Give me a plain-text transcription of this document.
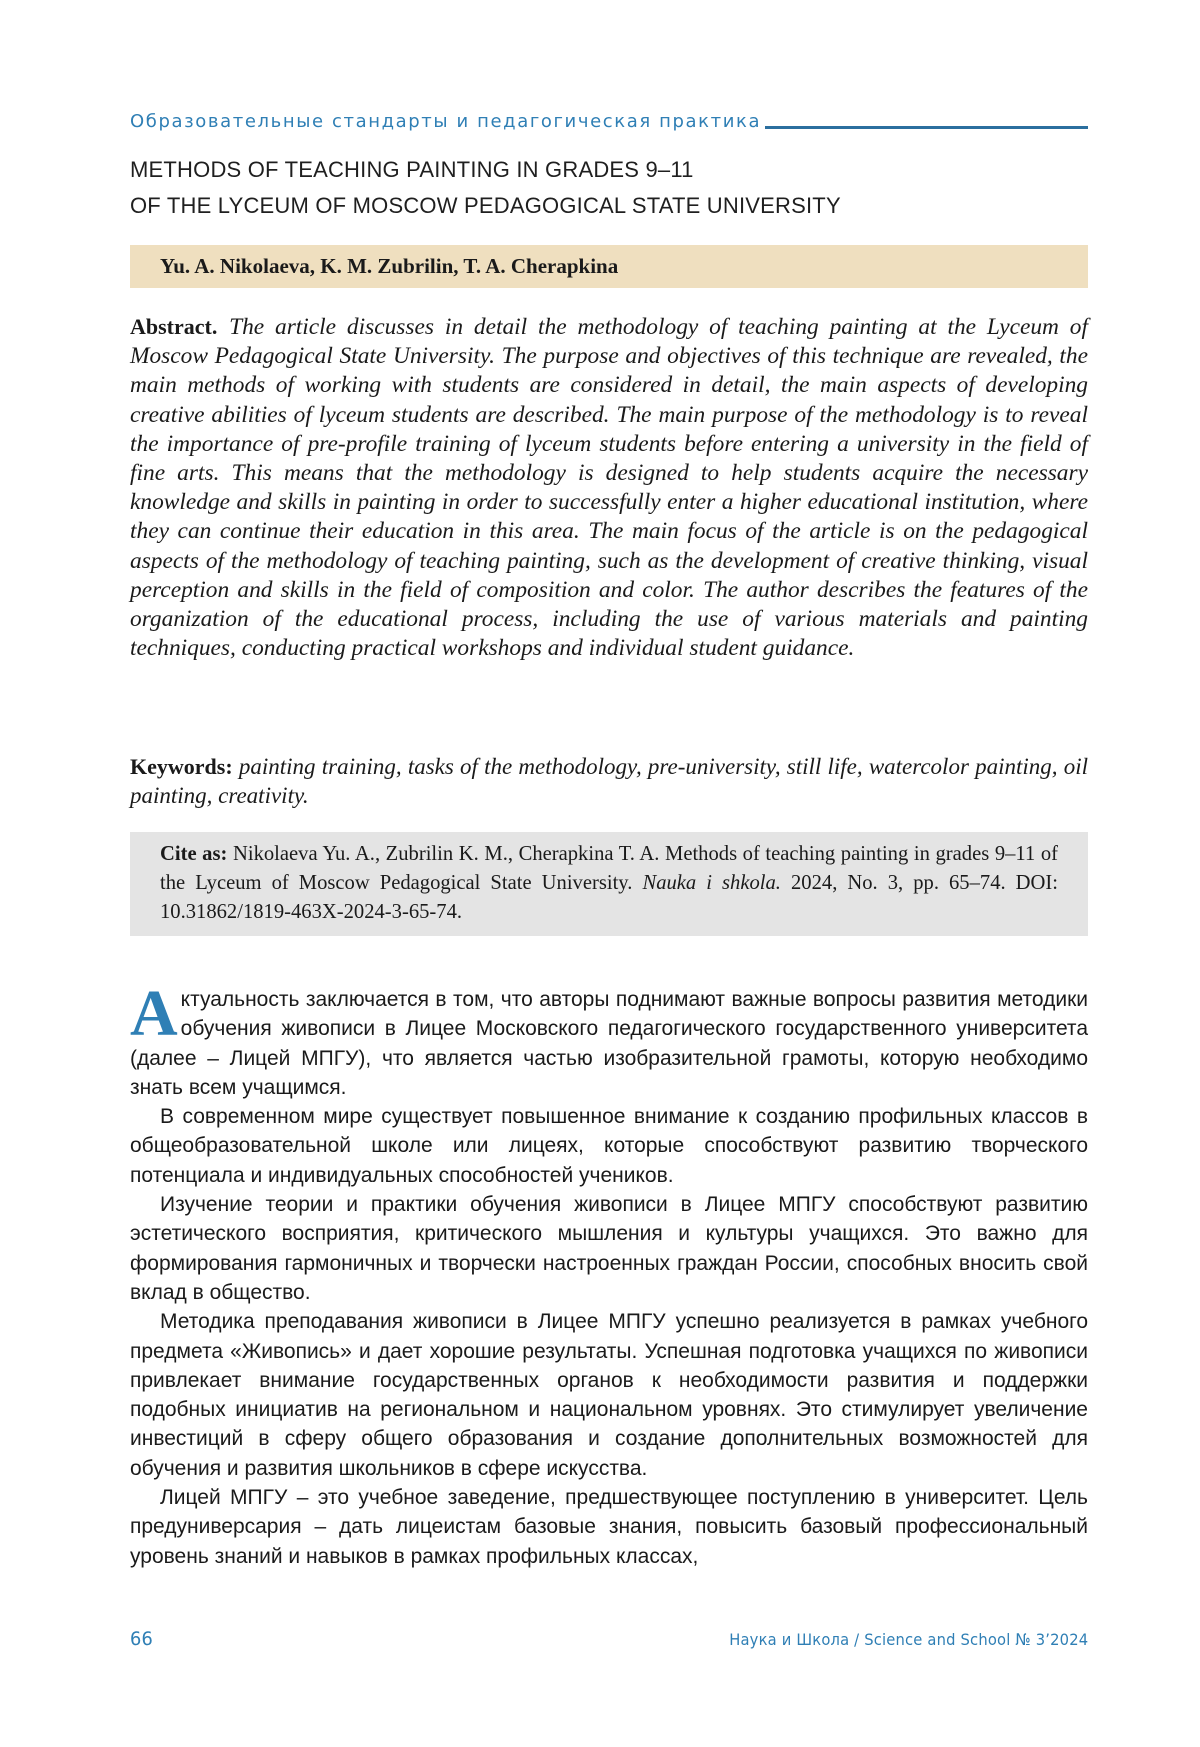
Образовательные стандарты и педагогическая практика
METHODS OF TEACHING PAINTING IN GRADES 9–11
OF THE LYCEUM OF MOSCOW PEDAGOGICAL STATE UNIVERSITY
Yu. A. Nikolaeva, K. M. Zubrilin, T. A. Cherapkina
Abstract. The article discusses in detail the methodology of teaching painting at the Lyceum of Moscow Pedagogical State University. The purpose and objectives of this technique are revealed, the main methods of working with students are considered in detail, the main aspects of developing creative abilities of lyceum students are described. The main purpose of the methodology is to reveal the importance of pre-profile training of lyceum students before entering a university in the field of fine arts. This means that the methodology is designed to help students acquire the necessary knowledge and skills in painting in order to successfully enter a higher educational institution, where they can continue their education in this area. The main focus of the article is on the pedagogical aspects of the methodology of teaching painting, such as the development of creative thinking, visual perception and skills in the field of composition and color. The author describes the features of the organization of the educational process, including the use of various materials and painting techniques, conducting practical workshops and individual student guidance.
Keywords: painting training, tasks of the methodology, pre-university, still life, watercolor painting, oil painting, creativity.
Cite as: Nikolaeva Yu. A., Zubrilin K. M., Cherapkina T. A. Methods of teaching painting in grades 9–11 of the Lyceum of Moscow Pedagogical State University. Nauka i shkola. 2024, No. 3, pp. 65–74. DOI: 10.31862/1819-463X-2024-3-65-74.

Актуальность заключается в том, что авторы поднимают важные вопросы развития методики обучения живописи в Лицее Московского педагогического государственного университета (далее – Лицей МПГУ), что является частью изобразительной грамоты, которую необходимо знать всем учащимся.

В современном мире существует повышенное внимание к созданию профильных классов в общеобразовательной школе или лицеях, которые способствуют развитию творческого потенциала и индивидуальных способностей учеников.

Изучение теории и практики обучения живописи в Лицее МПГУ способствуют развитию эстетического восприятия, критического мышления и культуры учащихся. Это важно для формирования гармоничных и творчески настроенных граждан России, способных вносить свой вклад в общество.

Методика преподавания живописи в Лицее МПГУ успешно реализуется в рамках учебного предмета «Живопись» и дает хорошие результаты. Успешная подготовка учащихся по живописи привлекает внимание государственных органов к необходимости развития и поддержки подобных инициатив на региональном и национальном уровнях. Это стимулирует увеличение инвестиций в сферу общего образования и создание дополнительных возможностей для обучения и развития школьников в сфере искусства.

Лицей МПГУ – это учебное заведение, предшествующее поступлению в университет. Цель предуниверсария – дать лицеистам базовые знания, повысить базовый профессиональный уровень знаний и навыков в рамках профильных классах,

66	Наука и Школа / Science and School № 3’2024
